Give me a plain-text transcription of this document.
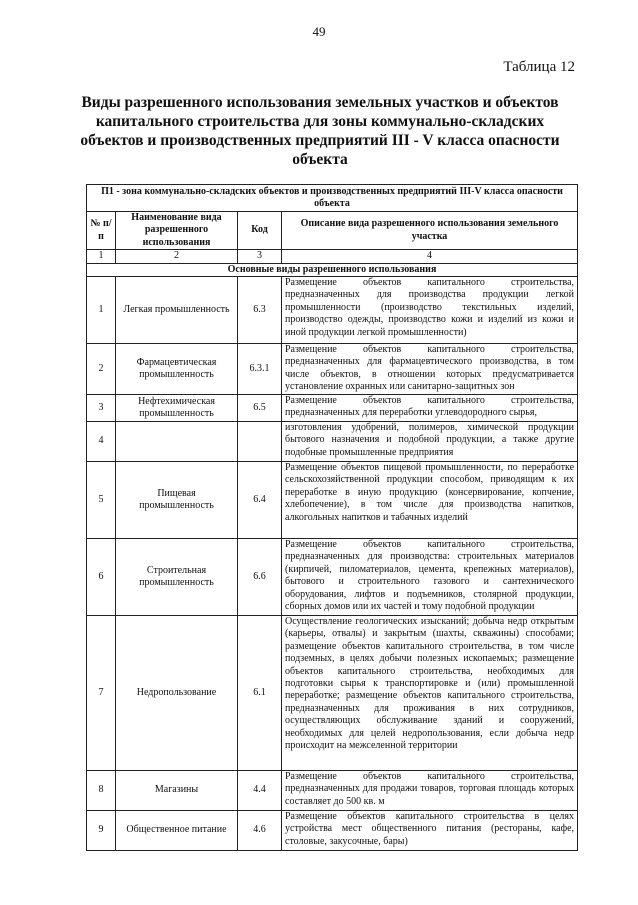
49
Таблица 12
Виды разрешенного использования земельных участков и объектов капитального строительства для зоны коммунально-складских объектов и производственных предприятий III - V класса опасности объекта
П1 - зона коммунально-складских объектов и производственных предприятий III-V класса опасности объекта			
№ п/п	Наименование вида разрешенного использования	Код	Описание вида разрешенного использования земельного участка
1	2	3	4
Основные виды разрешенного использования			
1	Легкая промышленность	6.3	Размещение объектов капитального строительства, предназначенных для производства продукции легкой промышленности (производство текстильных изделий, производство одежды, производство кожи и изделий из кожи и иной продукции легкой промышленности)
2	Фармацевтическая промышленность	6.3.1	Размещение объектов капитального строительства, предназначенных для фармацевтического производства, в том числе объектов, в отношении которых предусматривается установление охранных или санитарно-защитных зон
3	Нефтехимическая промышленность	6.5	Размещение объектов капитального строительства, предназначенных для переработки углеводородного сырья,
4			изготовления удобрений, полимеров, химической продукции бытового назначения и подобной продукции, а также другие подобные промышленные предприятия
5	Пищевая промышленность	6.4	Размещение объектов пищевой промышленности, по переработке сельскохозяйственной продукции способом, приводящим к их переработке в иную продукцию (консервирование, копчение, хлебопечение), в том числе для производства напитков, алкогольных напитков и табачных изделий
6	Строительная промышленность	6.6	Размещение объектов капитального строительства, предназначенных для производства: строительных материалов (кирпичей, пиломатериалов, цемента, крепежных материалов), бытового и строительного газового и сантехнического оборудования, лифтов и подъемников, столярной продукции, сборных домов или их частей и тому подобной продукции
7	Недропользование	6.1	Осуществление геологических изысканий; добыча недр открытым (карьеры, отвалы) и закрытым (шахты, скважины) способами; размещение объектов капитального строительства, в том числе подземных, в целях добычи полезных ископаемых; размещение объектов капитального строительства, необходимых для подготовки сырья к транспортировке и (или) промышленной переработке; размещение объектов капитального строительства, предназначенных для проживания в них сотрудников, осуществляющих обслуживание зданий и сооружений, необходимых для целей недропользования, если добыча недр происходит на межселенной территории
8	Магазины	4.4	Размещение объектов капитального строительства, предназначенных для продажи товаров, торговая площадь которых составляет до 500 кв. м
9	Общественное питание	4.6	Размещение объектов капитального строительства в целях устройства мест общественного питания (рестораны, кафе, столовые, закусочные, бары)
